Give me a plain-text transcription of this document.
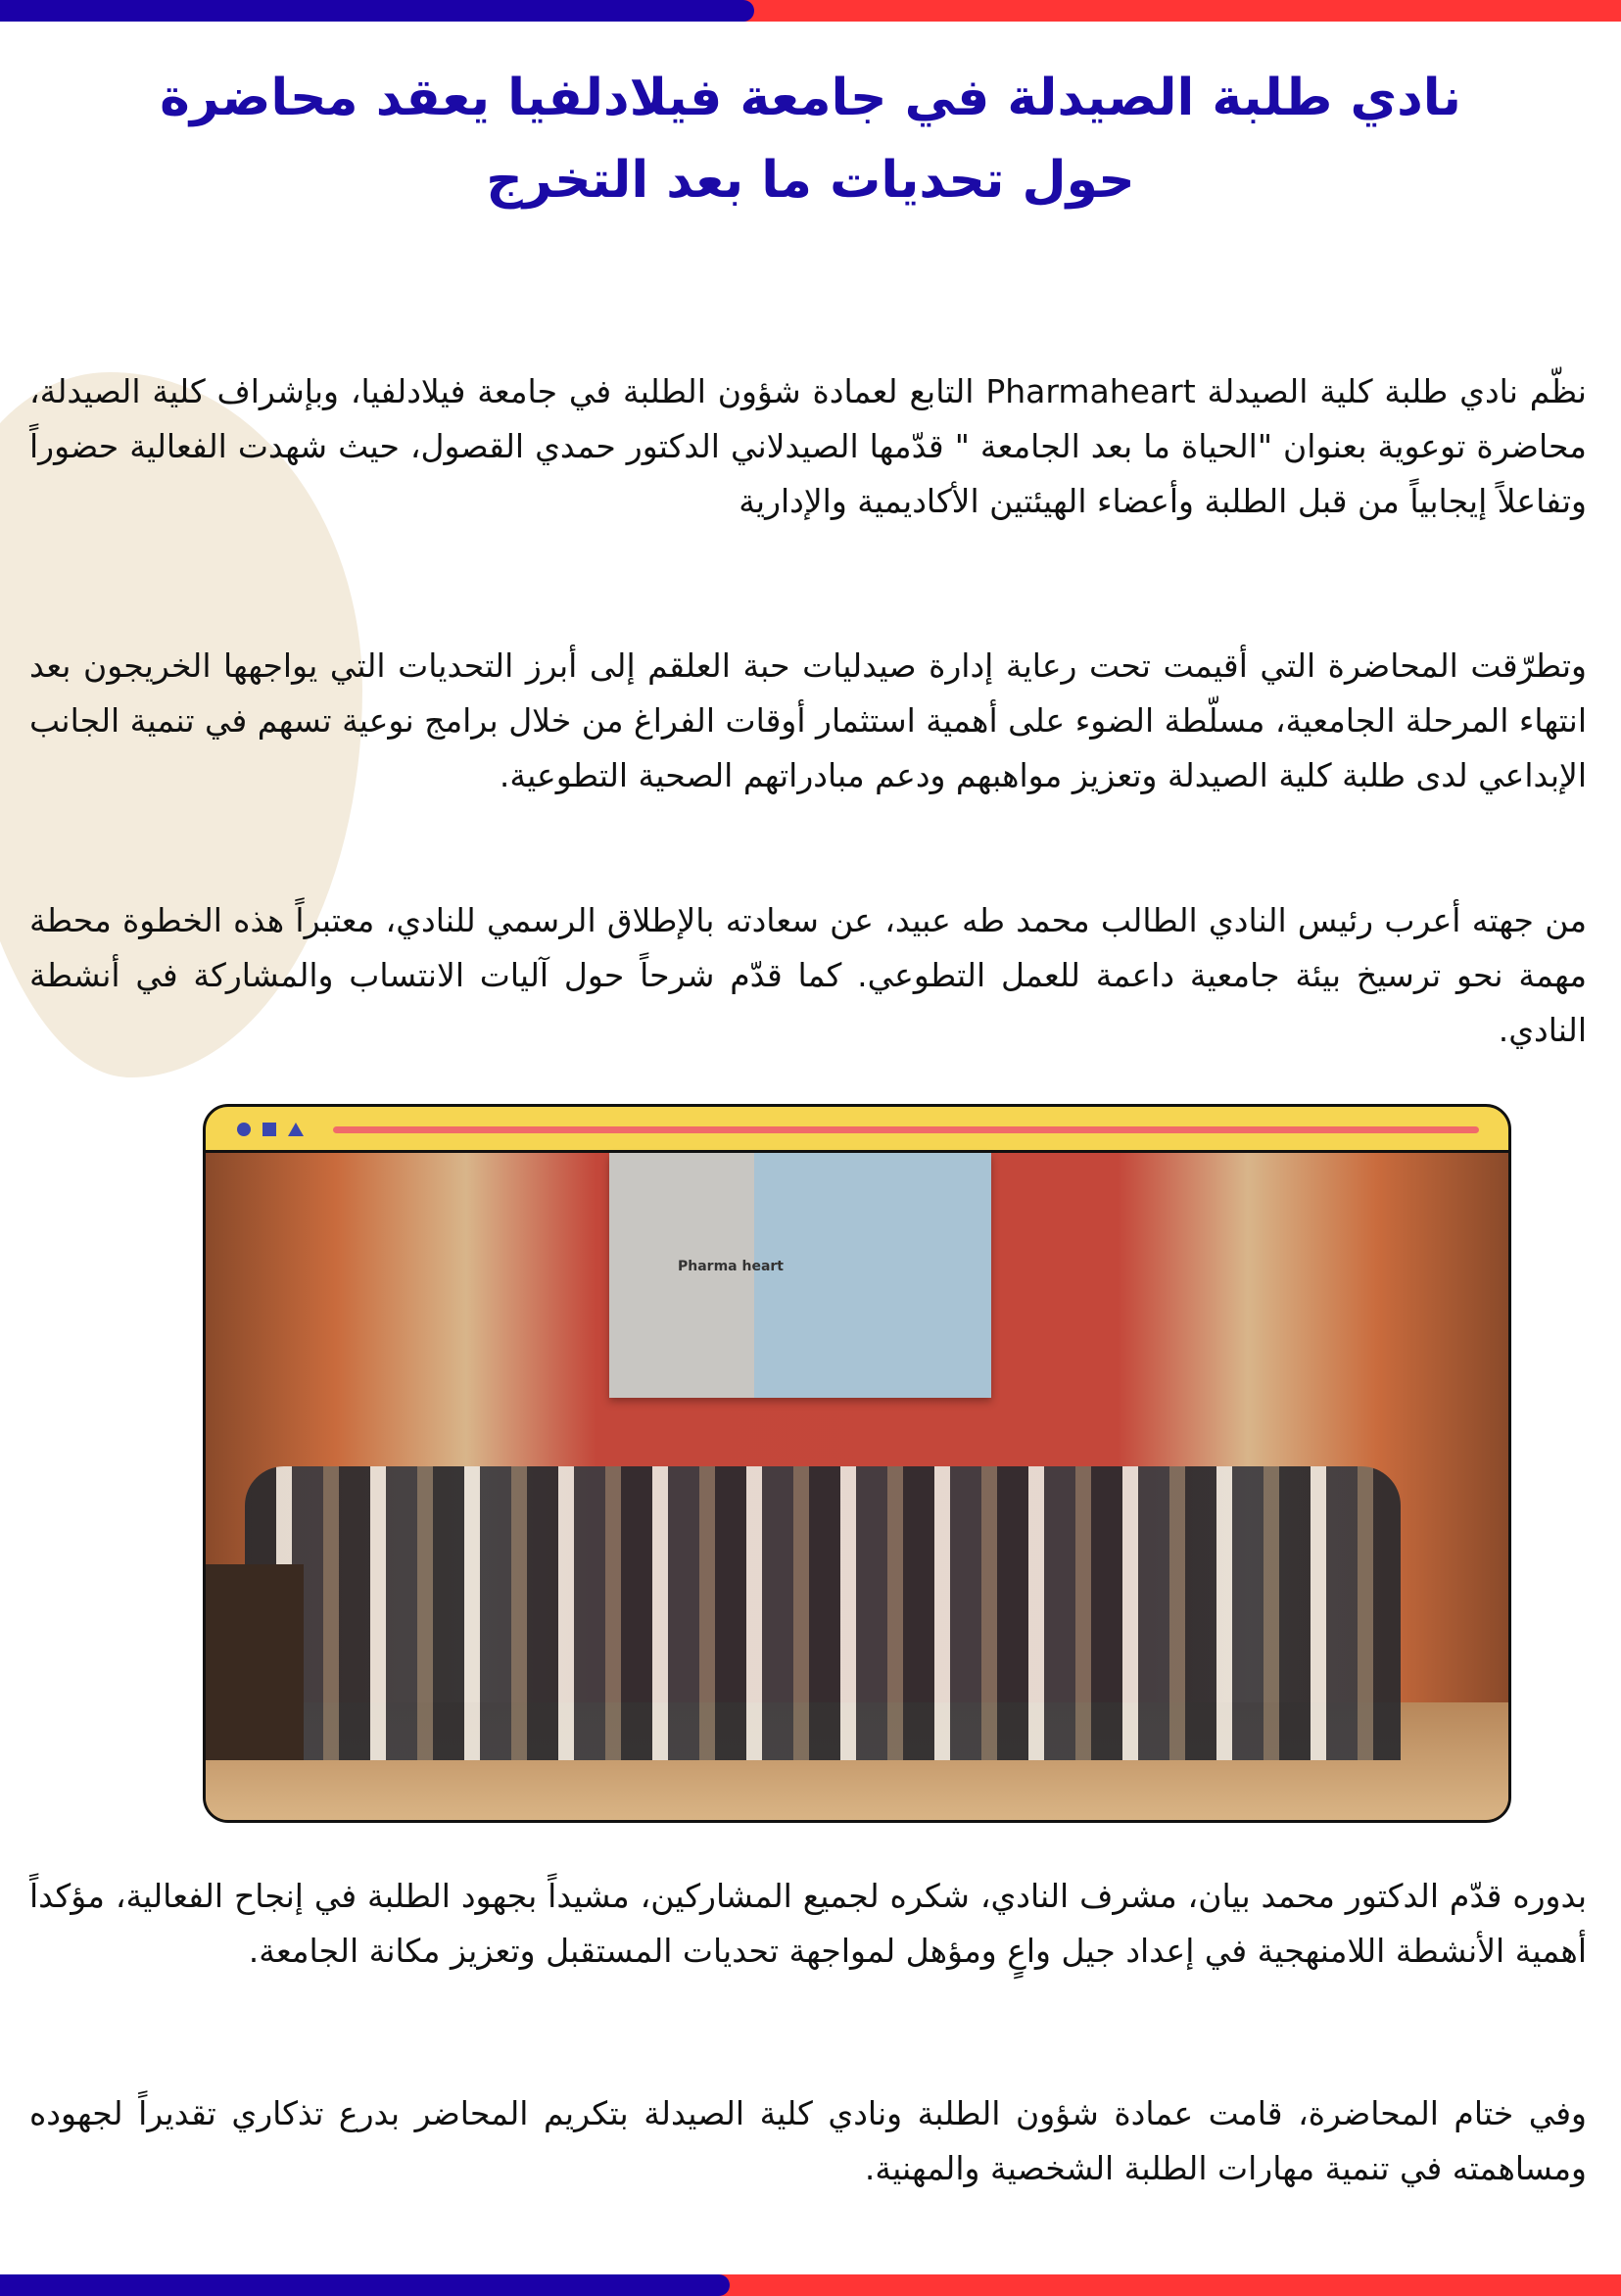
نادي طلبة الصيدلة في جامعة فيلادلفيا يعقد محاضرة حول تحديات ما بعد التخرج

نظّم نادي طلبة كلية الصيدلة Pharmaheart التابع لعمادة شؤون الطلبة في جامعة فيلادلفيا، وبإشراف كلية الصيدلة، محاضرة توعوية بعنوان "الحياة ما بعد الجامعة " قدّمها الصيدلاني الدكتور حمدي القصول، حيث شهدت الفعالية حضوراً وتفاعلاً إيجابياً من قبل الطلبة وأعضاء الهيئتين الأكاديمية والإدارية

وتطرّقت المحاضرة التي أقيمت تحت رعاية إدارة صيدليات حبة العلقم إلى أبرز التحديات التي يواجهها الخريجون بعد انتهاء المرحلة الجامعية، مسلّطة الضوء على أهمية استثمار أوقات الفراغ من خلال برامج نوعية تسهم في تنمية الجانب الإبداعي لدى طلبة كلية الصيدلة وتعزيز مواهبهم ودعم مبادراتهم الصحية التطوعية.

من جهته أعرب رئيس النادي الطالب محمد طه عبيد، عن سعادته بالإطلاق الرسمي للنادي، معتبراً هذه الخطوة محطة مهمة نحو ترسيخ بيئة جامعية داعمة للعمل التطوعي. كما قدّم شرحاً حول آليات الانتساب والمشاركة في أنشطة النادي.

Pharma heart

بدوره قدّم الدكتور محمد بيان، مشرف النادي، شكره لجميع المشاركين، مشيداً بجهود الطلبة في إنجاح الفعالية، مؤكداً أهمية الأنشطة اللامنهجية في إعداد جيل واعٍ ومؤهل لمواجهة تحديات المستقبل وتعزيز مكانة الجامعة.

وفي ختام المحاضرة، قامت عمادة شؤون الطلبة ونادي كلية الصيدلة بتكريم المحاضر بدرع تذكاري تقديراً لجهوده ومساهمته في تنمية مهارات الطلبة الشخصية والمهنية.
